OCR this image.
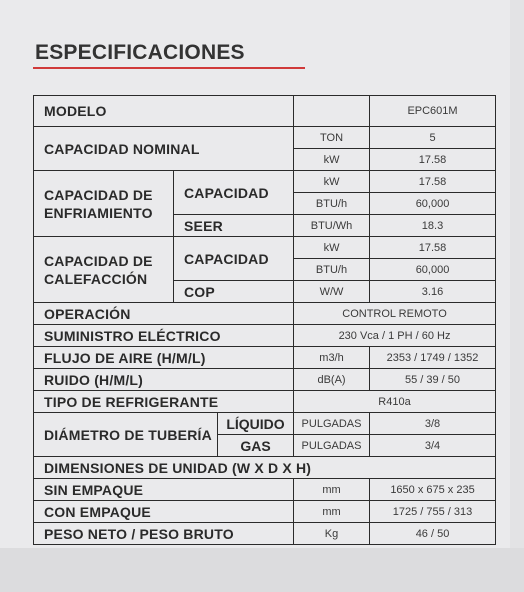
ESPECIFICACIONES
MODELO				EPC601M
CAPACIDAD NOMINAL			TON	5
			kW	17.58
CAPACIDAD DE ENFRIAMIENTO	CAPACIDAD		kW	17.58
			BTU/h	60,000
	SEER		BTU/Wh	18.3
CAPACIDAD DE CALEFACCIÓN	CAPACIDAD		kW	17.58
			BTU/h	60,000
	COP		W/W	3.16
OPERACIÓN			CONTROL REMOTO	
SUMINISTRO ELÉCTRICO			230 Vca / 1 PH / 60 Hz	
FLUJO DE AIRE (H/M/L)			m3/h	2353 / 1749 / 1352
RUIDO (H/M/L)			dB(A)	55 / 39 / 50
TIPO DE REFRIGERANTE			R410a	
DIÁMETRO DE TUBERÍA		LÍQUIDO	PULGADAS	3/8
		GAS	PULGADAS	3/4
DIMENSIONES DE UNIDAD (W X D X H)				
SIN EMPAQUE			mm	1650 x 675 x 235
CON EMPAQUE			mm	1725 / 755 / 313
PESO NETO / PESO BRUTO			Kg	46 / 50
